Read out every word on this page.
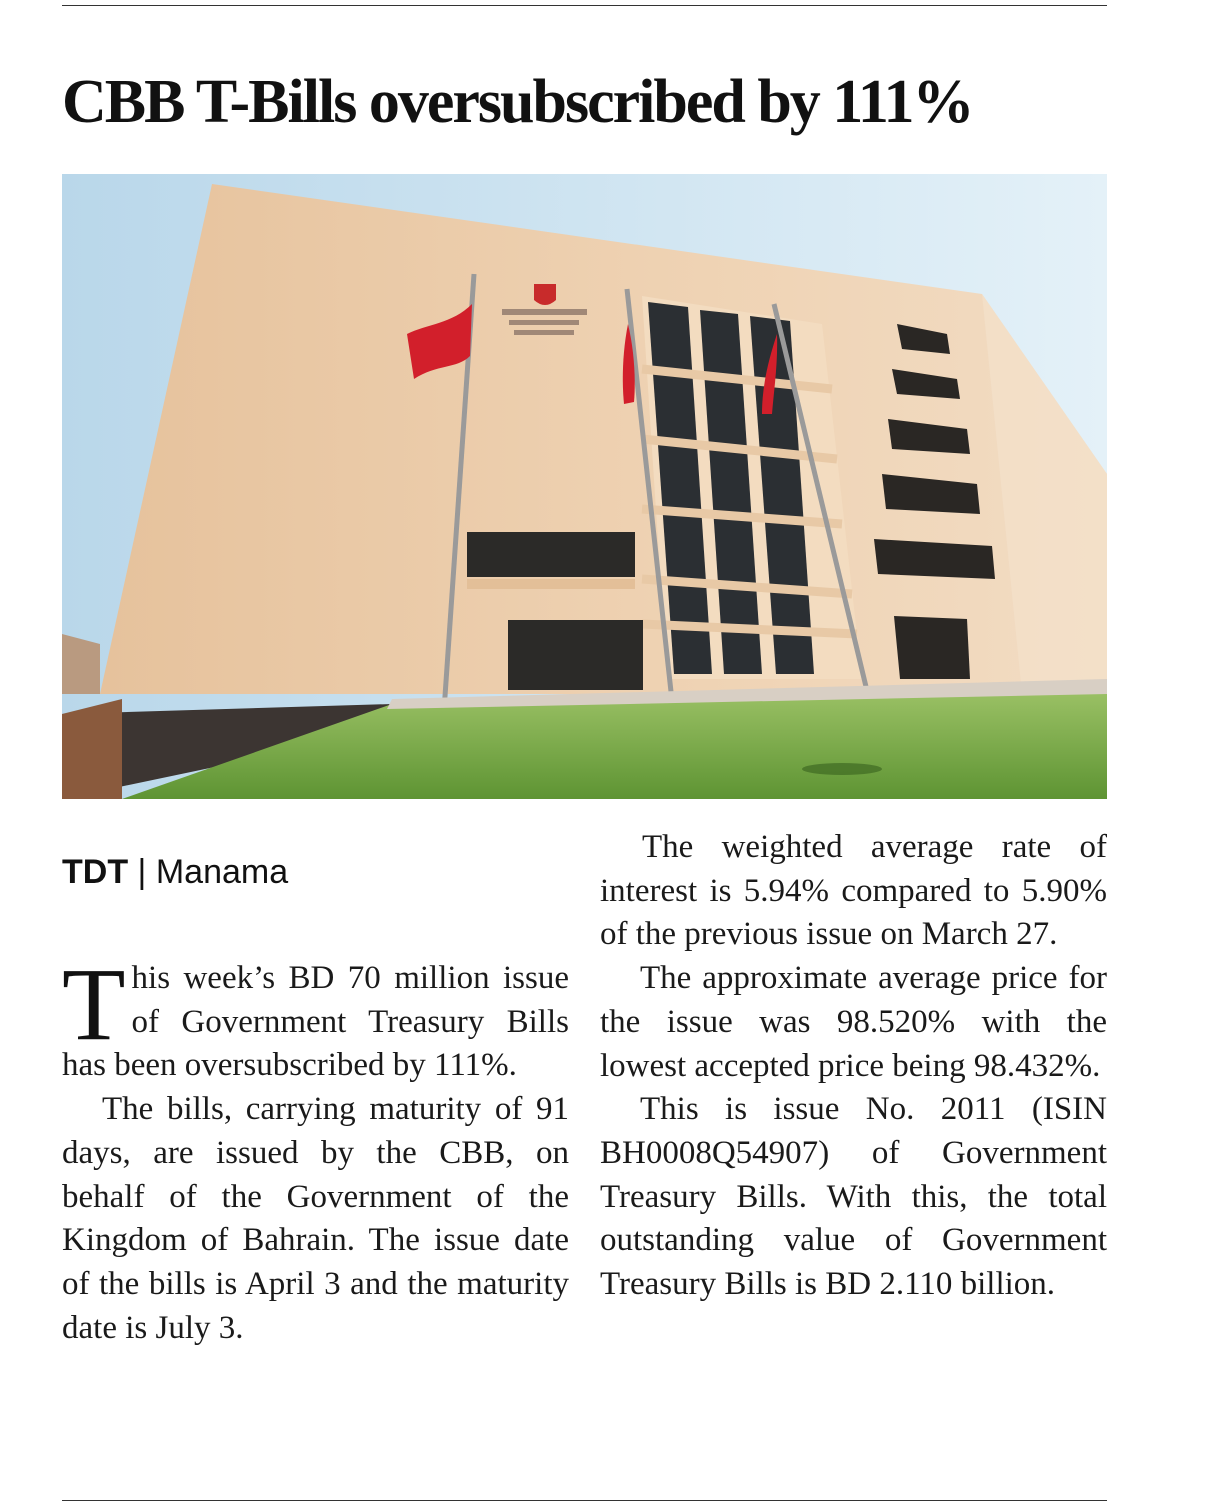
CBB T-Bills oversubscribed by 111%
TDT | Manama

This week’s BD 70 million issue of Government Treasury Bills has been oversubscribed by 111%.

The bills, carrying maturity of 91 days, are issued by the CBB, on behalf of the Government of the Kingdom of Bahrain. The issue date of the bills is April 3 and the maturity date is July 3.

The weighted average rate of interest is 5.94% compared to 5.90% of the previous issue on March 27.

The approximate average price for the issue was 98.520% with the lowest accepted price being 98.432%.

This is issue No. 2011 (ISIN BH0008Q54907) of Government Treasury Bills. With this, the total outstanding value of Government Treasury Bills is BD 2.110 billion.
